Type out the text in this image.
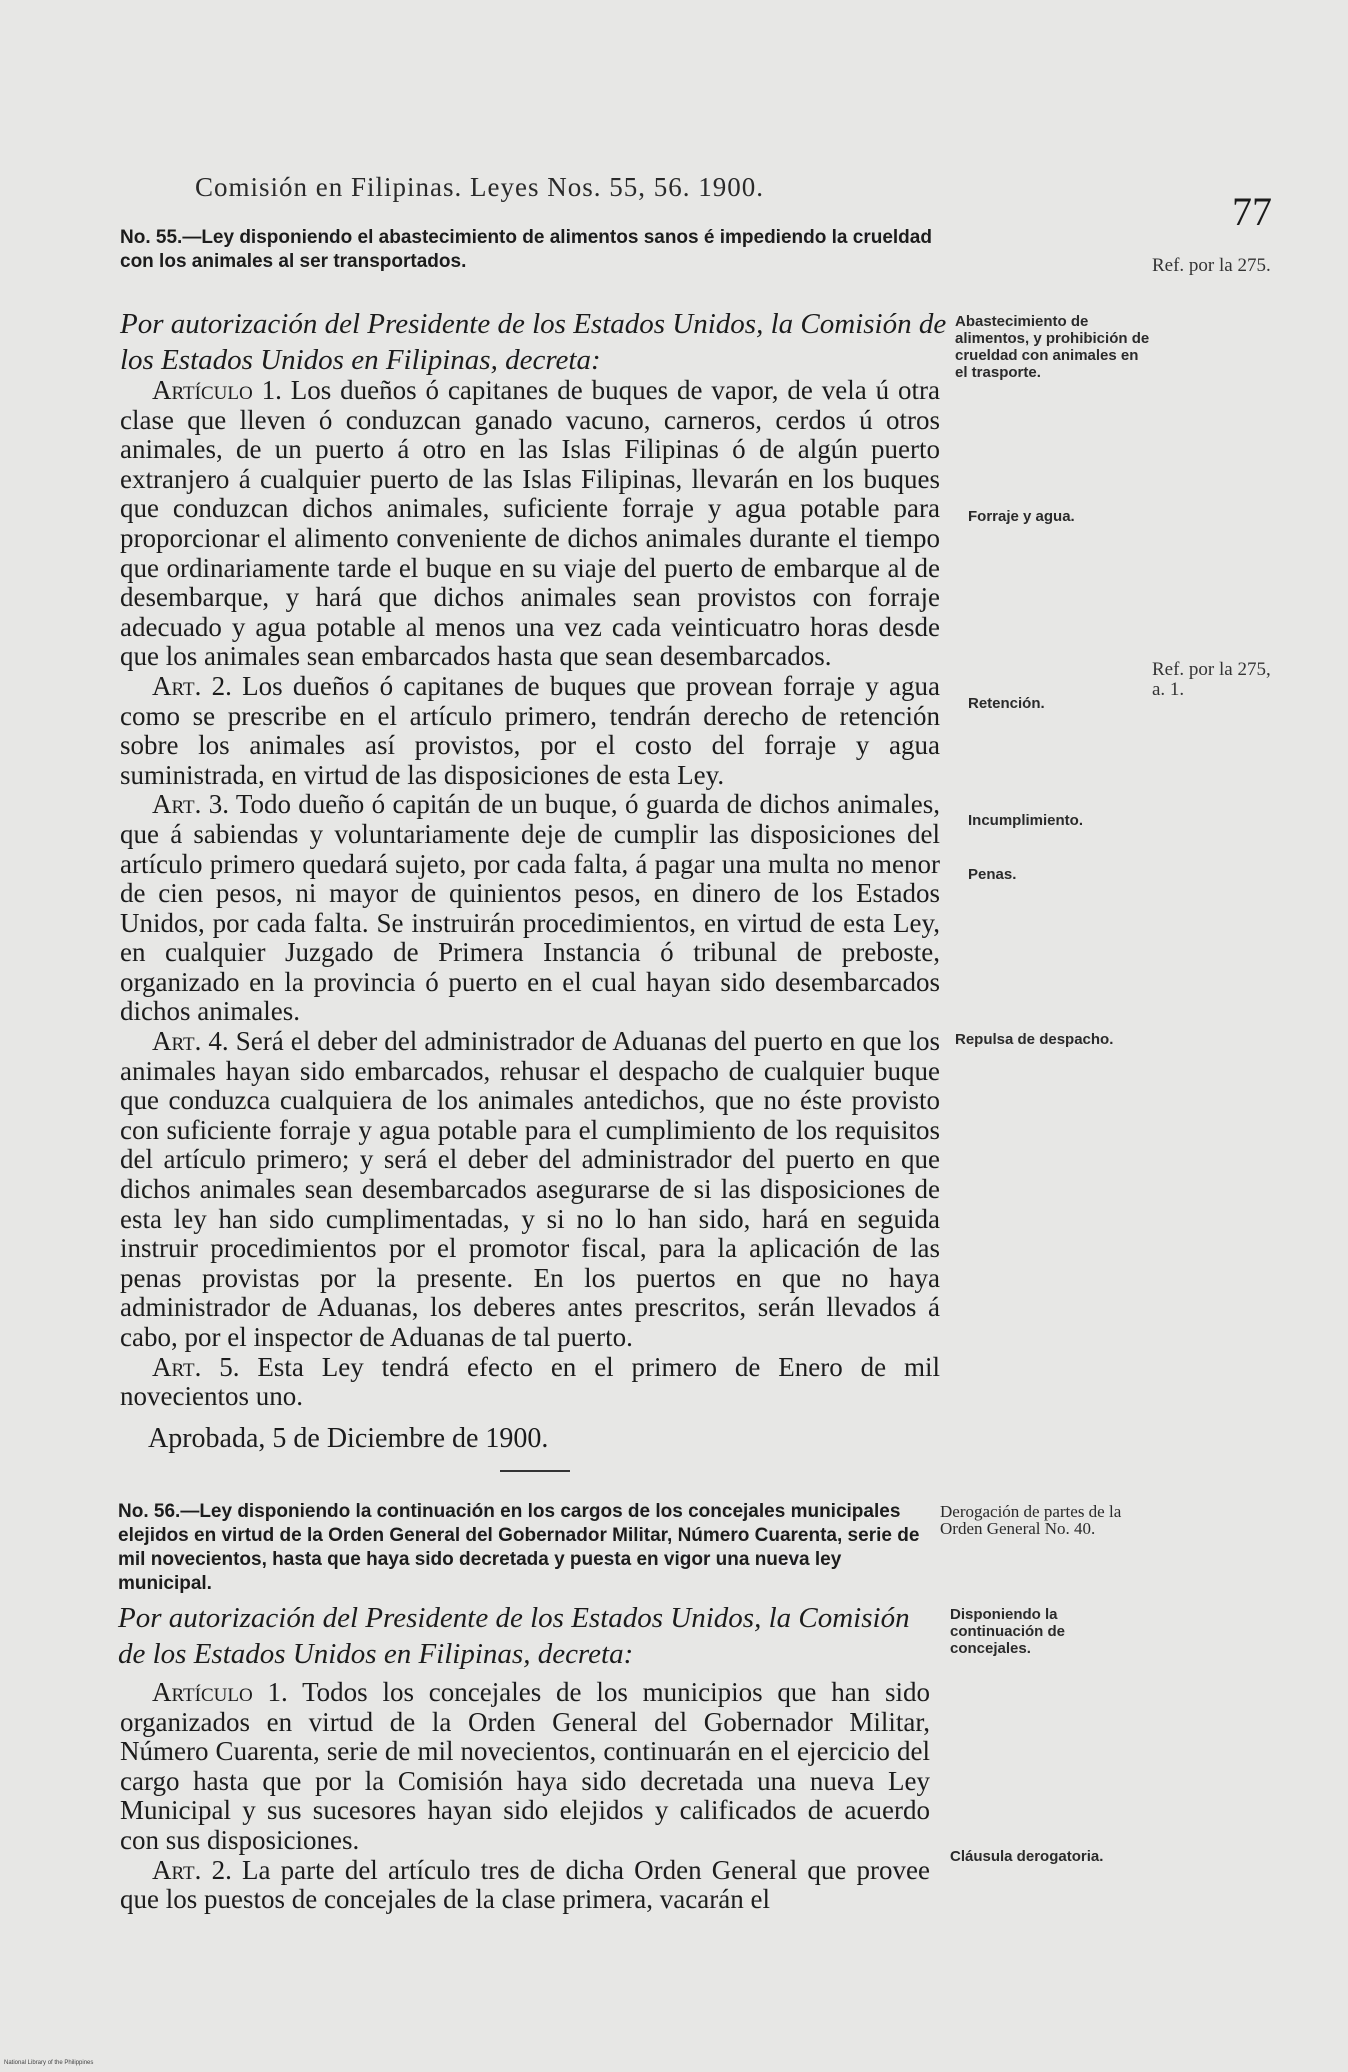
Comisión en Filipinas. Leyes Nos. 55, 56. 1900.
77
No. 55.—Ley disponiendo el abastecimiento de alimentos sanos é impediendo la crueldad con los animales al ser transportados.	Ref. por la 275.
Por autorización del Presidente de los Estados Unidos, la Comisión de los Estados Unidos en Filipinas, decreta:

Artículo 1. Los dueños ó capitanes de buques de vapor, de vela ú otra clase que lleven ó conduzcan ganado vacuno, carneros, cerdos ú otros animales, de un puerto á otro en las Islas Filipinas ó de algún puerto extranjero á cualquier puerto de las Islas Filipinas, llevarán en los buques que conduzcan dichos animales, suficiente forraje y agua potable para proporcionar el alimento conveniente de dichos animales durante el tiempo que ordinariamente tarde el buque en su viaje del puerto de embarque al de desembarque, y hará que dichos animales sean provistos con forraje adecuado y agua potable al menos una vez cada veinticuatro horas desde que los animales sean embarcados hasta que sean desembarcados.

Art. 2. Los dueños ó capitanes de buques que provean forraje y agua como se prescribe en el artículo primero, tendrán derecho de retención sobre los animales así provistos, por el costo del forraje y agua suministrada, en virtud de las disposiciones de esta Ley.

Art. 3. Todo dueño ó capitán de un buque, ó guarda de dichos animales, que á sabiendas y voluntariamente deje de cumplir las disposiciones del artículo primero quedará sujeto, por cada falta, á pagar una multa no menor de cien pesos, ni mayor de quinientos pesos, en dinero de los Estados Unidos, por cada falta. Se instruirán procedimientos, en virtud de esta Ley, en cualquier Juzgado de Primera Instancia ó tribunal de preboste, organizado en la provincia ó puerto en el cual hayan sido desembarcados dichos animales.

Art. 4. Será el deber del administrador de Aduanas del puerto en que los animales hayan sido embarcados, rehusar el despacho de cualquier buque que conduzca cualquiera de los animales antedichos, que no éste provisto con suficiente forraje y agua potable para el cumplimiento de los requisitos del artículo primero; y será el deber del administrador del puerto en que dichos animales sean desembarcados asegurarse de si las disposiciones de esta ley han sido cumplimentadas, y si no lo han sido, hará en seguida instruir procedimientos por el promotor fiscal, para la aplicación de las penas provistas por la presente. En los puertos en que no haya administrador de Aduanas, los deberes antes prescritos, serán llevados á cabo, por el inspector de Aduanas de tal puerto.

Art. 5. Esta Ley tendrá efecto en el primero de Enero de mil novecientos uno.

Abastecimiento de alimentos, y prohibición de crueldad con animales en el trasporte.
Forraje y agua.
Ref. por la 275, a. 1.
Retención.
Incumplimiento.
Penas.
Repulsa de despacho.
Aprobada, 5 de Diciembre de 1900.
No. 56.—Ley disponiendo la continuación en los cargos de los concejales municipales elejidos en virtud de la Orden General del Gobernador Militar, Número Cuarenta, serie de mil novecientos, hasta que haya sido decretada y puesta en vigor una nueva ley municipal.
Derogación de partes de la Orden General No. 40.
Por autorización del Presidente de los Estados Unidos, la Comisión de los Estados Unidos en Filipinas, decreta:
Disponiendo la continuación de concejales.

Artículo 1. Todos los concejales de los municipios que han sido organizados en virtud de la Orden General del Gobernador Militar, Número Cuarenta, serie de mil novecientos, continuarán en el ejercicio del cargo hasta que por la Comisión haya sido decretada una nueva Ley Municipal y sus sucesores hayan sido elejidos y calificados de acuerdo con sus disposiciones.

Art. 2. La parte del artículo tres de dicha Orden General que provee que los puestos de concejales de la clase primera, vacarán el

Cláusula derogatoria.
National Library of the Philippines
